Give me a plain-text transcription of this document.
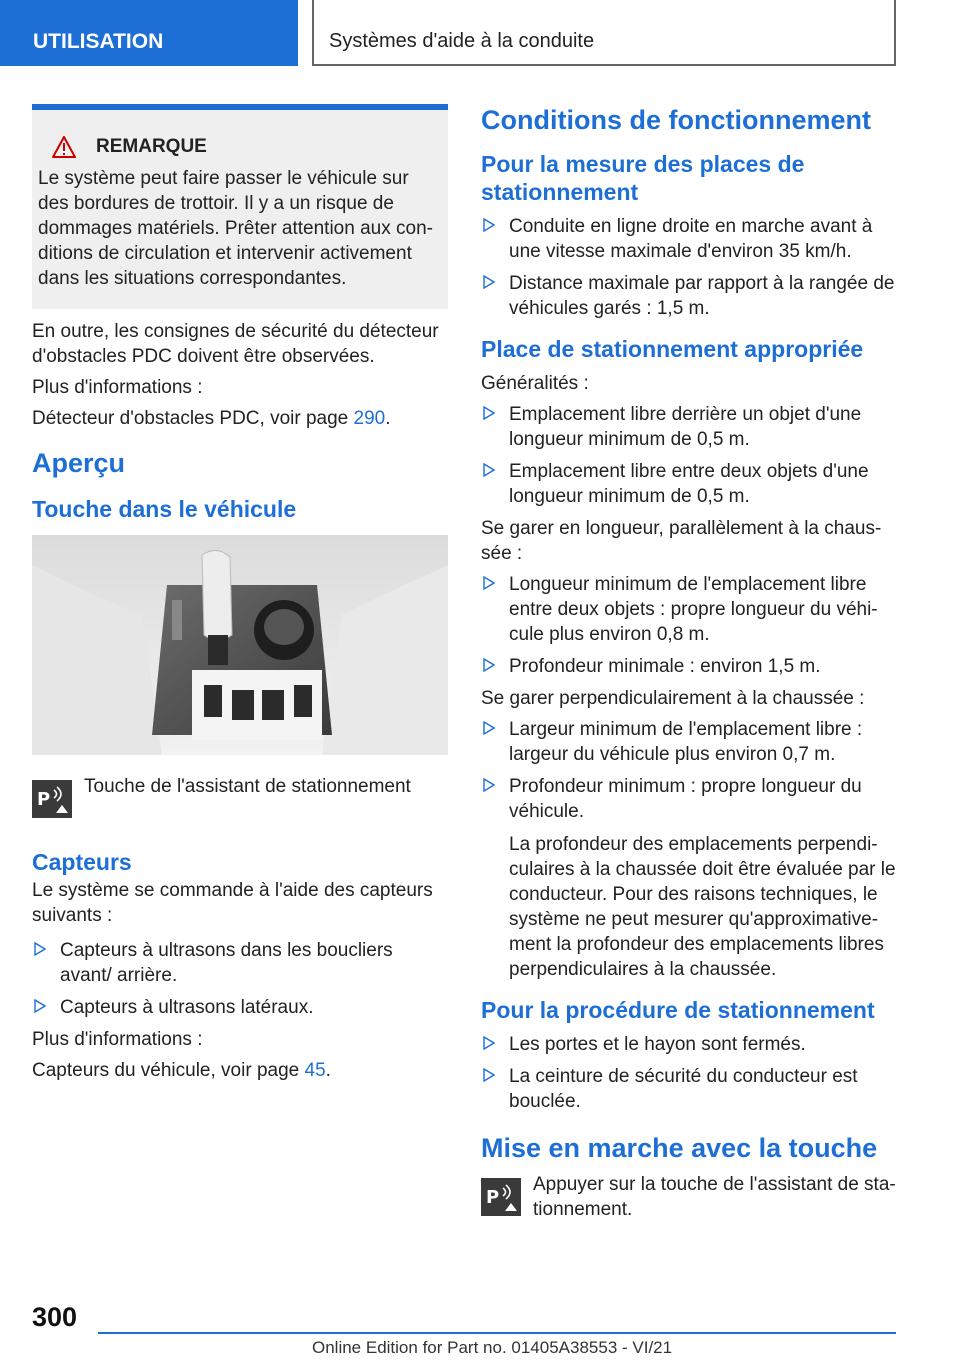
UTILISATION	Systèmes d'aide à la conduite
REMARQUE
Le système peut faire passer le véhicule sur des bordures de trottoir. Il y a un risque de dommages matériels. Prêter attention aux con-ditions de circulation et intervenir activement dans les situations correspondantes.

En outre, les consignes de sécurité du détecteur d'obstacles PDC doivent être observées.

Plus d'informations :

Détecteur d'obstacles PDC, voir page 290.

Aperçu
Touche dans le véhicule
P
Touche de l'assistant de stationnement
Capteurs

Le système se commande à l'aide des capteurs suivants :

Capteurs à ultrasons dans les boucliers avant/ arrière.
Capteurs à ultrasons latéraux.

Plus d'informations :

Capteurs du véhicule, voir page 45.

Conditions de fonctionnement
Pour la mesure des places de stationnement
Conduite en ligne droite en marche avant à une vitesse maximale d'environ 35 km/h.
Distance maximale par rapport à la rangée de véhicules garés : 1,5 m.
Place de stationnement appropriée

Généralités :

Emplacement libre derrière un objet d'une longueur minimum de 0,5 m.
Emplacement libre entre deux objets d'une longueur minimum de 0,5 m.

Se garer en longueur, parallèlement à la chaus-sée :

Longueur minimum de l'emplacement libre entre deux objets : propre longueur du véhi-cule plus environ 0,8 m.
Profondeur minimale : environ 1,5 m.

Se garer perpendiculairement à la chaussée :

Largeur minimum de l'emplacement libre : largeur du véhicule plus environ 0,7 m.
Profondeur minimum : propre longueur du véhicule.
La profondeur des emplacements perpendi-culaires à la chaussée doit être évaluée par le conducteur. Pour des raisons techniques, le système ne peut mesurer qu'approximative-ment la profondeur des emplacements libres perpendiculaires à la chaussée.
Pour la procédure de stationnement
Les portes et le hayon sont fermés.
La ceinture de sécurité du conducteur est bouclée.
Mise en marche avec la touche
P
Appuyer sur la touche de l'assistant de sta-tionnement.
300
Online Edition for Part no. 01405A38553 - VI/21
